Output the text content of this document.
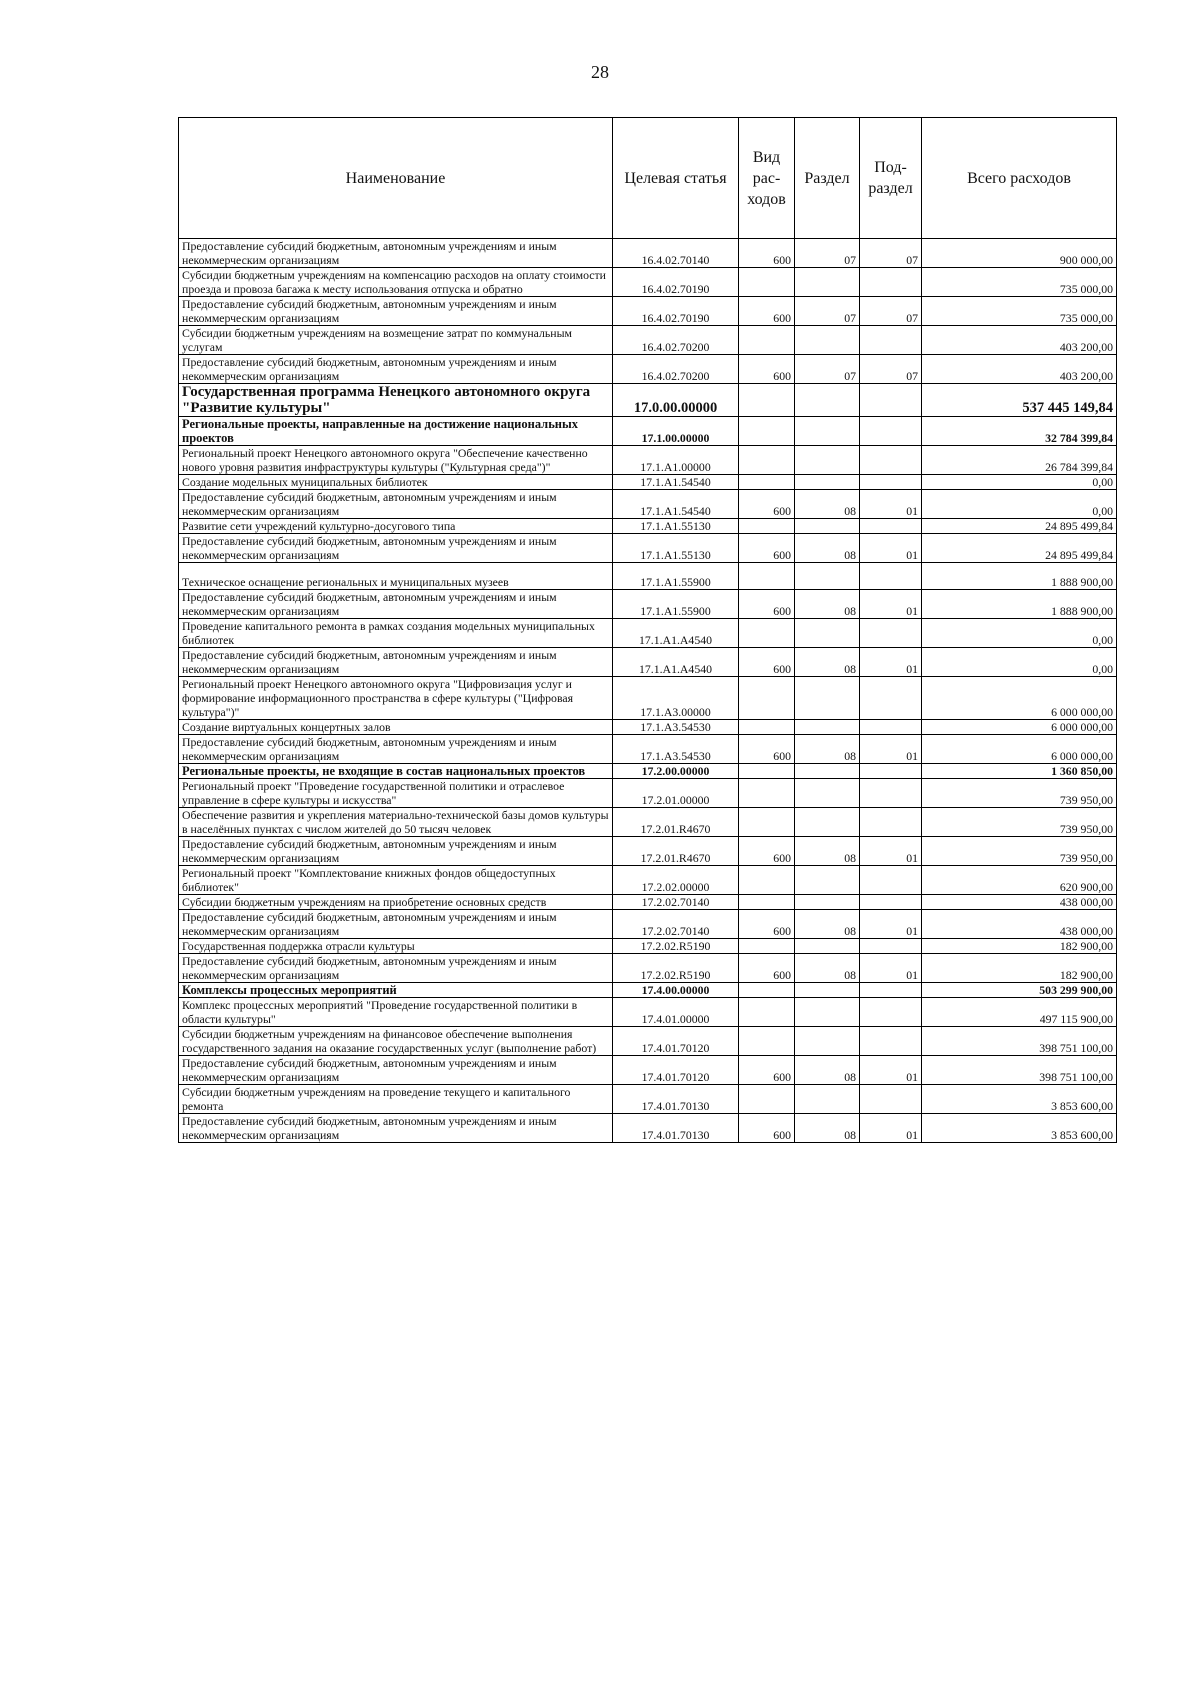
28
Наименование	Целевая статья	Вид рас-ходов	Раздел	Под-раздел	Всего расходов
Предоставление субсидий бюджетным, автономным учреждениям и иным некоммерческим организациям	16.4.02.70140	600	07	07	900 000,00
Субсидии бюджетным учреждениям на компенсацию расходов на оплату стоимости проезда и провоза багажа к месту использования отпуска и обратно	16.4.02.70190				735 000,00
Предоставление субсидий бюджетным, автономным учреждениям и иным некоммерческим организациям	16.4.02.70190	600	07	07	735 000,00
Субсидии бюджетным учреждениям на возмещение затрат по коммунальным услугам	16.4.02.70200				403 200,00
Предоставление субсидий бюджетным, автономным учреждениям и иным некоммерческим организациям	16.4.02.70200	600	07	07	403 200,00
Государственная программа Ненецкого автономного округа "Развитие культуры"	17.0.00.00000				537 445 149,84
Региональные проекты, направленные на достижение национальных проектов	17.1.00.00000				32 784 399,84
Региональный проект Ненецкого автономного округа "Обеспечение качественно нового уровня развития инфраструктуры культуры ("Культурная среда")"	17.1.А1.00000				26 784 399,84
Создание модельных муниципальных библиотек	17.1.А1.54540				0,00
Предоставление субсидий бюджетным, автономным учреждениям и иным некоммерческим организациям	17.1.А1.54540	600	08	01	0,00
Развитие сети учреждений культурно-досугового типа	17.1.А1.55130				24 895 499,84
Предоставление субсидий бюджетным, автономным учреждениям и иным некоммерческим организациям	17.1.А1.55130	600	08	01	24 895 499,84
Техническое оснащение региональных и муниципальных музеев	17.1.А1.55900				1 888 900,00
Предоставление субсидий бюджетным, автономным учреждениям и иным некоммерческим организациям	17.1.А1.55900	600	08	01	1 888 900,00
Проведение капитального ремонта в рамках создания модельных муниципальных библиотек	17.1.А1.А4540				0,00
Предоставление субсидий бюджетным, автономным учреждениям и иным некоммерческим организациям	17.1.А1.А4540	600	08	01	0,00
Региональный проект Ненецкого автономного округа "Цифровизация услуг и формирование информационного пространства в сфере культуры ("Цифровая культура")"	17.1.А3.00000				6 000 000,00
Создание виртуальных концертных залов	17.1.А3.54530				6 000 000,00
Предоставление субсидий бюджетным, автономным учреждениям и иным некоммерческим организациям	17.1.А3.54530	600	08	01	6 000 000,00
Региональные проекты, не входящие в состав национальных проектов	17.2.00.00000				1 360 850,00
Региональный проект "Проведение государственной политики и отраслевое управление в сфере культуры и искусства"	17.2.01.00000				739 950,00
Обеспечение развития и укрепления материально-технической базы домов культуры в населённых пунктах с числом жителей до 50 тысяч человек	17.2.01.R4670				739 950,00
Предоставление субсидий бюджетным, автономным учреждениям и иным некоммерческим организациям	17.2.01.R4670	600	08	01	739 950,00
Региональный проект "Комплектование книжных фондов общедоступных библиотек"	17.2.02.00000				620 900,00
Субсидии бюджетным учреждениям на приобретение основных средств	17.2.02.70140				438 000,00
Предоставление субсидий бюджетным, автономным учреждениям и иным некоммерческим организациям	17.2.02.70140	600	08	01	438 000,00
Государственная поддержка отрасли культуры	17.2.02.R5190				182 900,00
Предоставление субсидий бюджетным, автономным учреждениям и иным некоммерческим организациям	17.2.02.R5190	600	08	01	182 900,00
Комплексы процессных мероприятий	17.4.00.00000				503 299 900,00
Комплекс процессных мероприятий "Проведение государственной политики в области культуры"	17.4.01.00000				497 115 900,00
Субсидии бюджетным учреждениям на финансовое обеспечение выполнения государственного задания на оказание государственных услуг (выполнение работ)	17.4.01.70120				398 751 100,00
Предоставление субсидий бюджетным, автономным учреждениям и иным некоммерческим организациям	17.4.01.70120	600	08	01	398 751 100,00
Субсидии бюджетным учреждениям на проведение текущего и капитального ремонта	17.4.01.70130				3 853 600,00
Предоставление субсидий бюджетным, автономным учреждениям и иным некоммерческим организациям	17.4.01.70130	600	08	01	3 853 600,00
